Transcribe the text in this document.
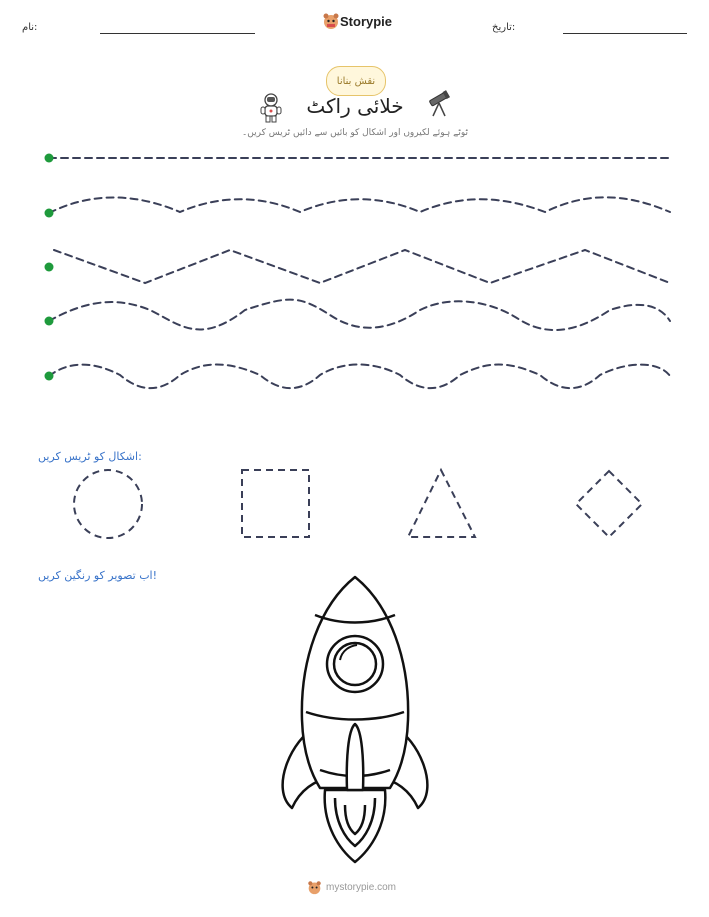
نام:	Storypie	تاریخ:
نقش بنانا
خلائی راکٹ
ٹوٹے ہوئے لکیروں اور اشکال کو بائیں سے دائیں ٹریس کریں۔
اشکال کو ٹریس کریں:
اب تصویر کو رنگین کریں!
mystorypie.com
